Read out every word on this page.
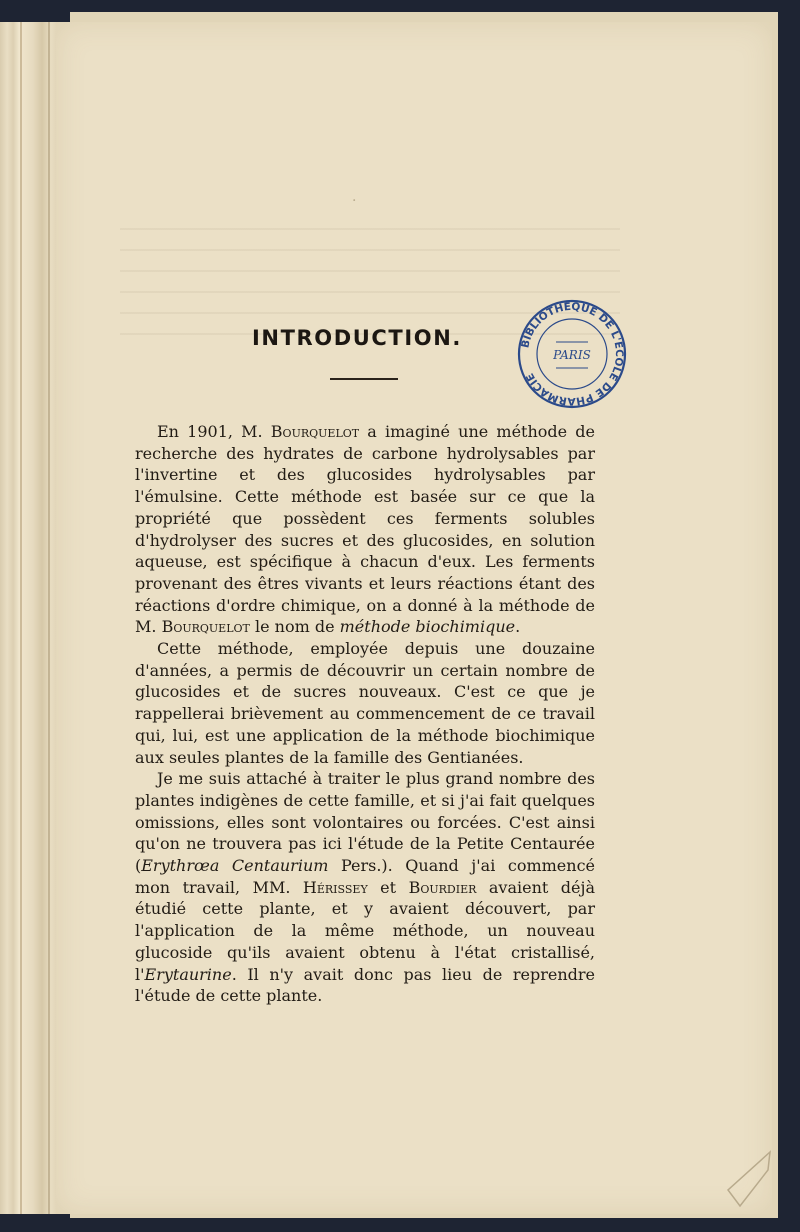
·
INTRODUCTION.	BIBLIOTHÈQUE DE L'ÉCOLE DE PHARMACIE
PARIS

En 1901, M. Bourquelot a imaginé une méthode de recherche des hydrates de carbone hydrolysables par l'invertine et des glucosides hydrolysables par l'émulsine. Cette méthode est basée sur ce que la propriété que possèdent ces ferments solubles d'hydrolyser des sucres et des glucosides, en solution aqueuse, est spécifique à chacun d'eux. Les ferments provenant des êtres vivants et leurs réactions étant des réactions d'ordre chimique, on a donné à la méthode de M. Bourquelot le nom de méthode biochimique.

Cette méthode, employée depuis une douzaine d'années, a permis de découvrir un certain nombre de glucosides et de sucres nouveaux. C'est ce que je rappellerai brièvement au commencement de ce travail qui, lui, est une application de la méthode biochimique aux seules plantes de la famille des Gentianées.

Je me suis attaché à traiter le plus grand nombre des plantes indigènes de cette famille, et si j'ai fait quelques omissions, elles sont volontaires ou forcées. C'est ainsi qu'on ne trouvera pas ici l'étude de la Petite Centaurée (Erythrœa Centaurium Pers.). Quand j'ai commencé mon travail, MM. Hérissey et Bourdier avaient déjà étudié cette plante, et y avaient découvert, par l'application de la même méthode, un nouveau glucoside qu'ils avaient obtenu à l'état cristallisé, l'Erytaurine. Il n'y avait donc pas lieu de reprendre l'étude de cette plante.
